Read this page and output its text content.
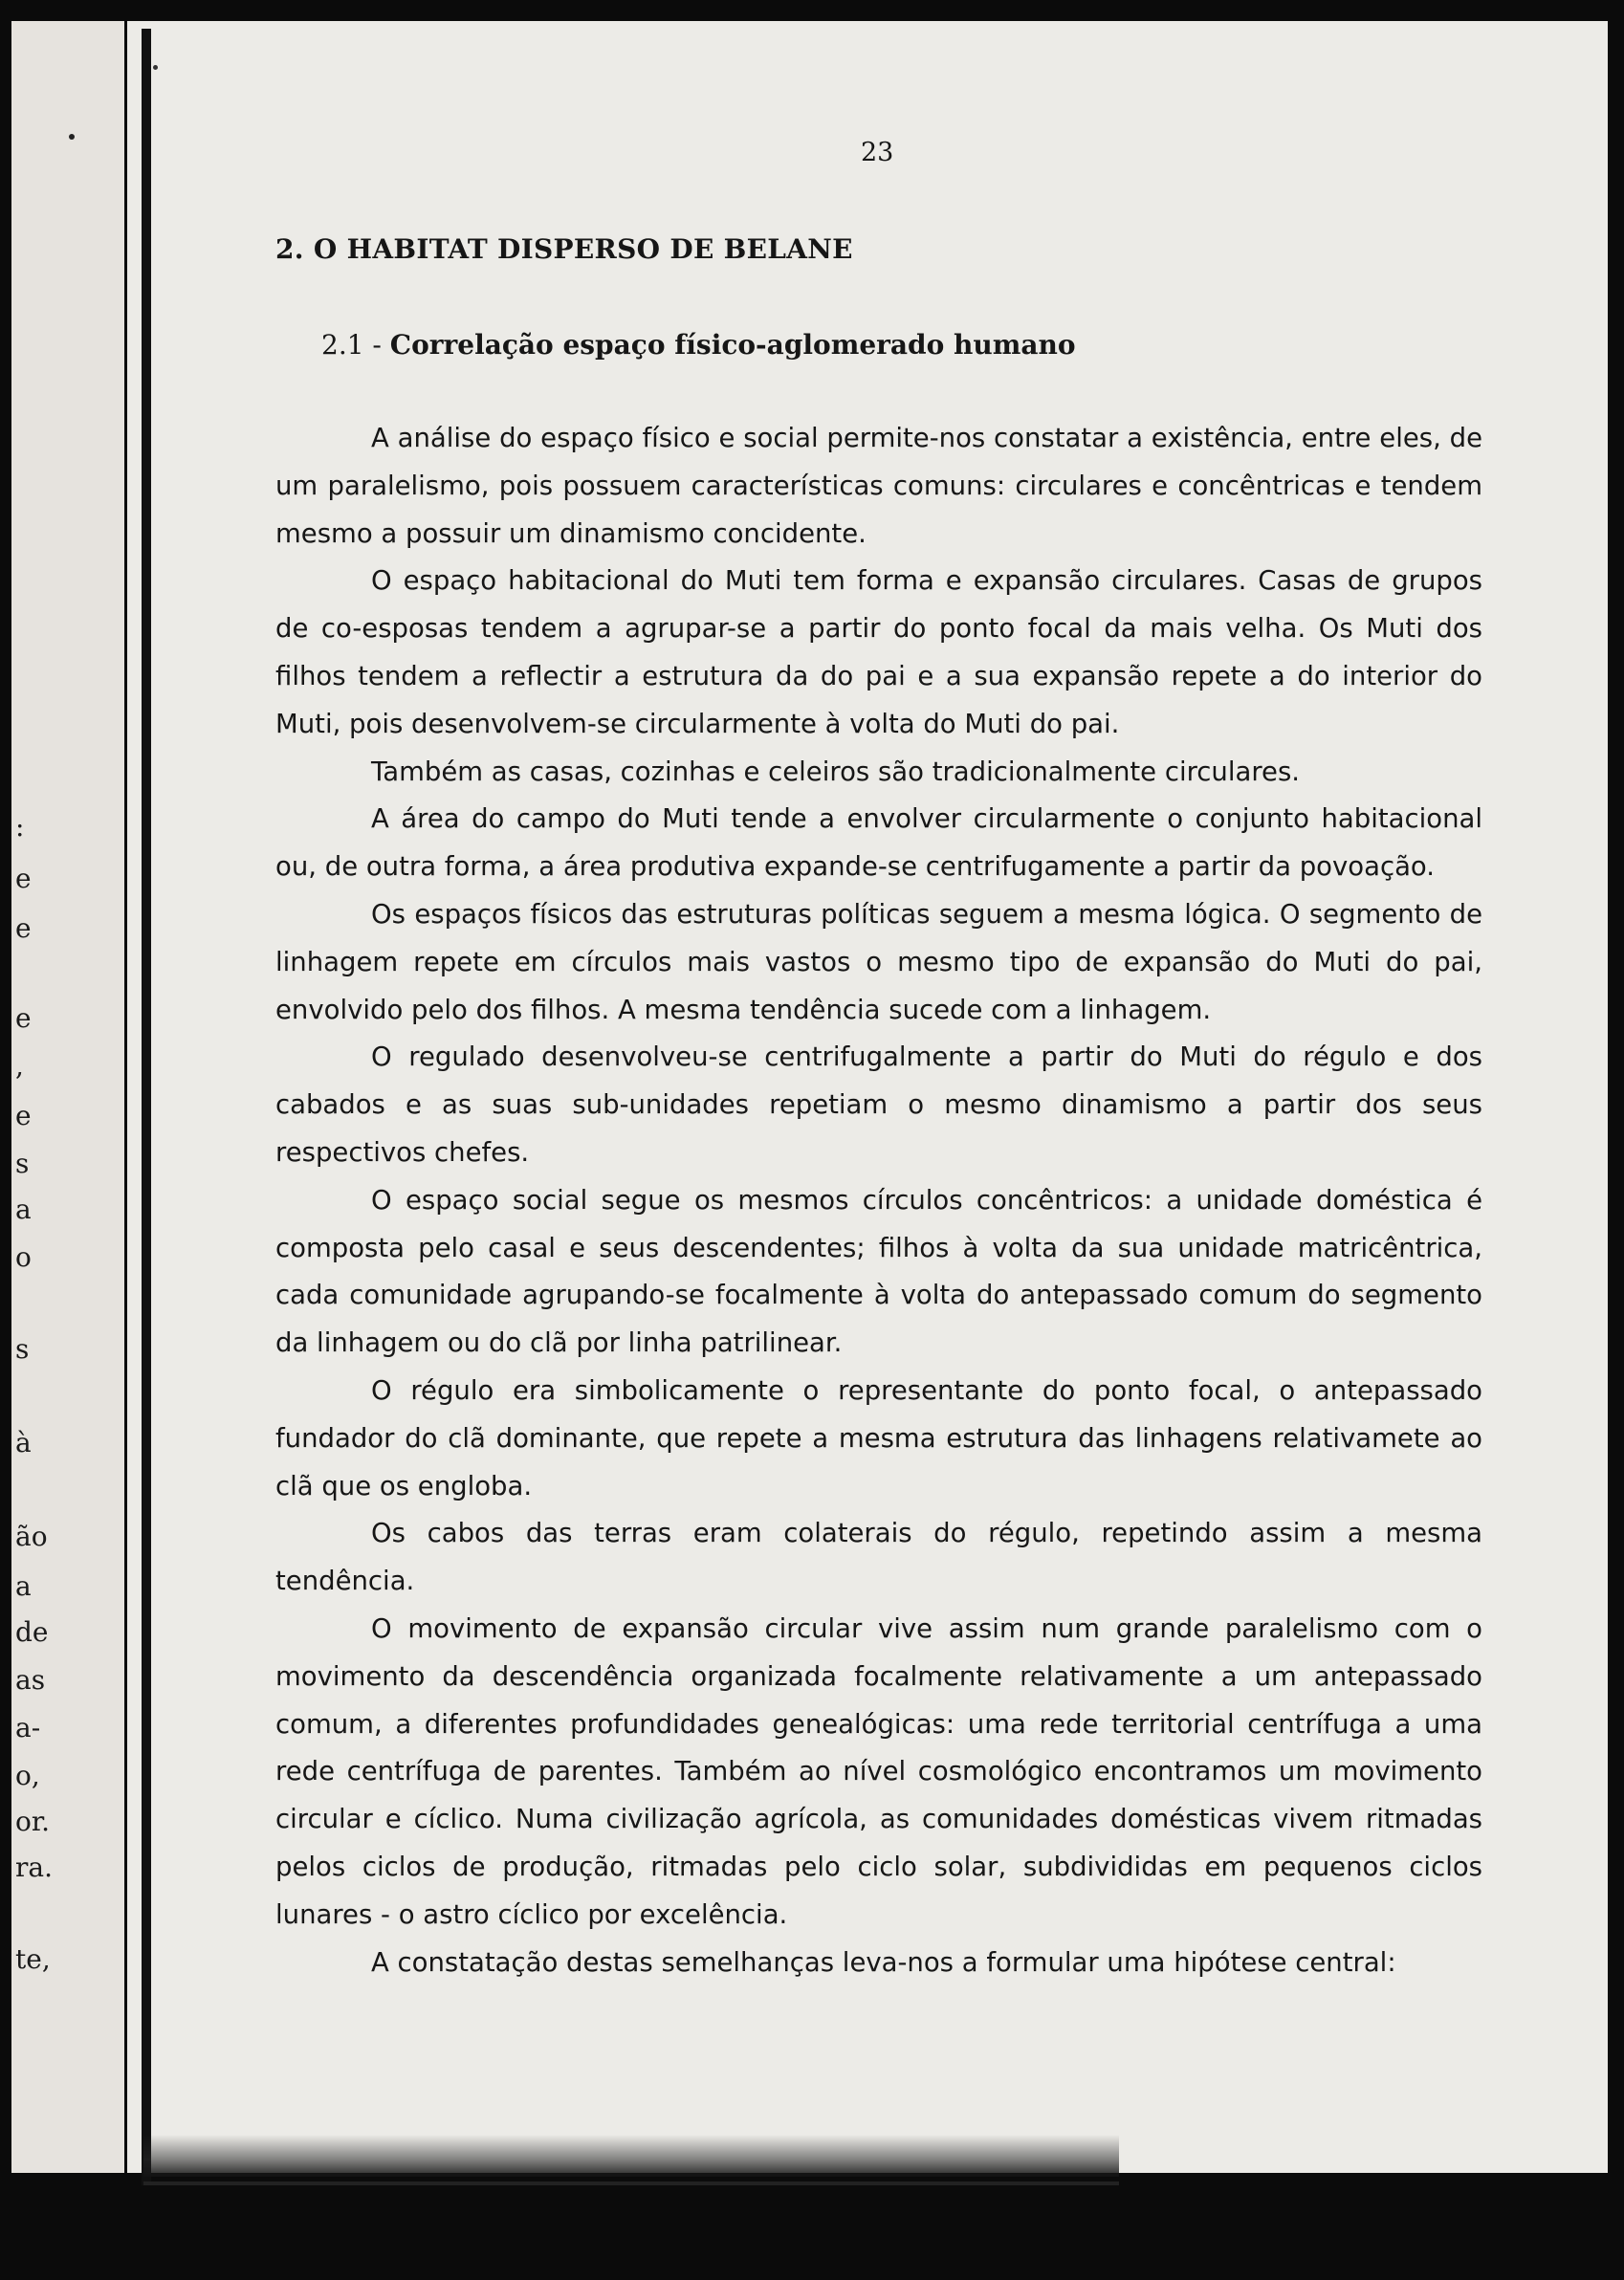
:
e
e
e
,
e
s
a
o
s
à
ão
a
de
as
a-
o,
or.
ra.
te,
23
2. O HABITAT DISPERSO DE BELANE
2.1 - Correlação espaço físico-aglomerado humano

A análise do espaço físico e social permite-nos constatar a existência, entre eles, de um paralelismo, pois possuem características comuns: circulares e concêntricas e tendem mesmo a possuir um dinamismo concidente.

O espaço habitacional do Muti tem forma e expansão circulares. Casas de grupos de co-esposas tendem a agrupar-se a partir do ponto focal da mais velha. Os Muti dos filhos tendem a reflectir a estrutura da do pai e a sua expansão repete a do interior do Muti, pois desenvolvem-se circularmente à volta do Muti do pai.

Também as casas, cozinhas e celeiros são tradicionalmente circulares.

A área do campo do Muti tende a envolver circularmente o conjunto habitacional ou, de outra forma, a área produtiva expande-se centrifugamente a partir da povoação.

Os espaços físicos das estruturas políticas seguem a mesma lógica. O segmento de linhagem repete em círculos mais vastos o mesmo tipo de expansão do Muti do pai, envolvido pelo dos filhos. A mesma tendência sucede com a linhagem.

O regulado desenvolveu-se centrifugalmente a partir do Muti do régulo e dos cabados e as suas sub-unidades repetiam o mesmo dinamismo a partir dos seus respectivos chefes.

O espaço social segue os mesmos círculos concêntricos: a unidade doméstica é composta pelo casal e seus descendentes; filhos à volta da sua unidade matricêntrica, cada comunidade agrupando-se focalmente à volta do antepassado comum do segmento da linhagem ou do clã por linha patrilinear.

O régulo era simbolicamente o representante do ponto focal, o antepassado fundador do clã dominante, que repete a mesma estrutura das linhagens relativamete ao clã que os engloba.

Os cabos das terras eram colaterais do régulo, repetindo assim a mesma tendência.

O movimento de expansão circular vive assim num grande paralelismo com o movimento da descendência organizada focalmente relativamente a um antepassado comum, a diferentes profundidades genealógicas: uma rede territorial centrífuga a uma rede centrífuga de parentes. Também ao nível cosmológico encontramos um movimento circular e cíclico. Numa civilização agrícola, as comunidades domésticas vivem ritmadas pelos ciclos de produção, ritmadas pelo ciclo solar, subdivididas em pequenos ciclos lunares - o astro cíclico por excelência.

A constatação destas semelhanças leva-nos a formular uma hipótese central:
